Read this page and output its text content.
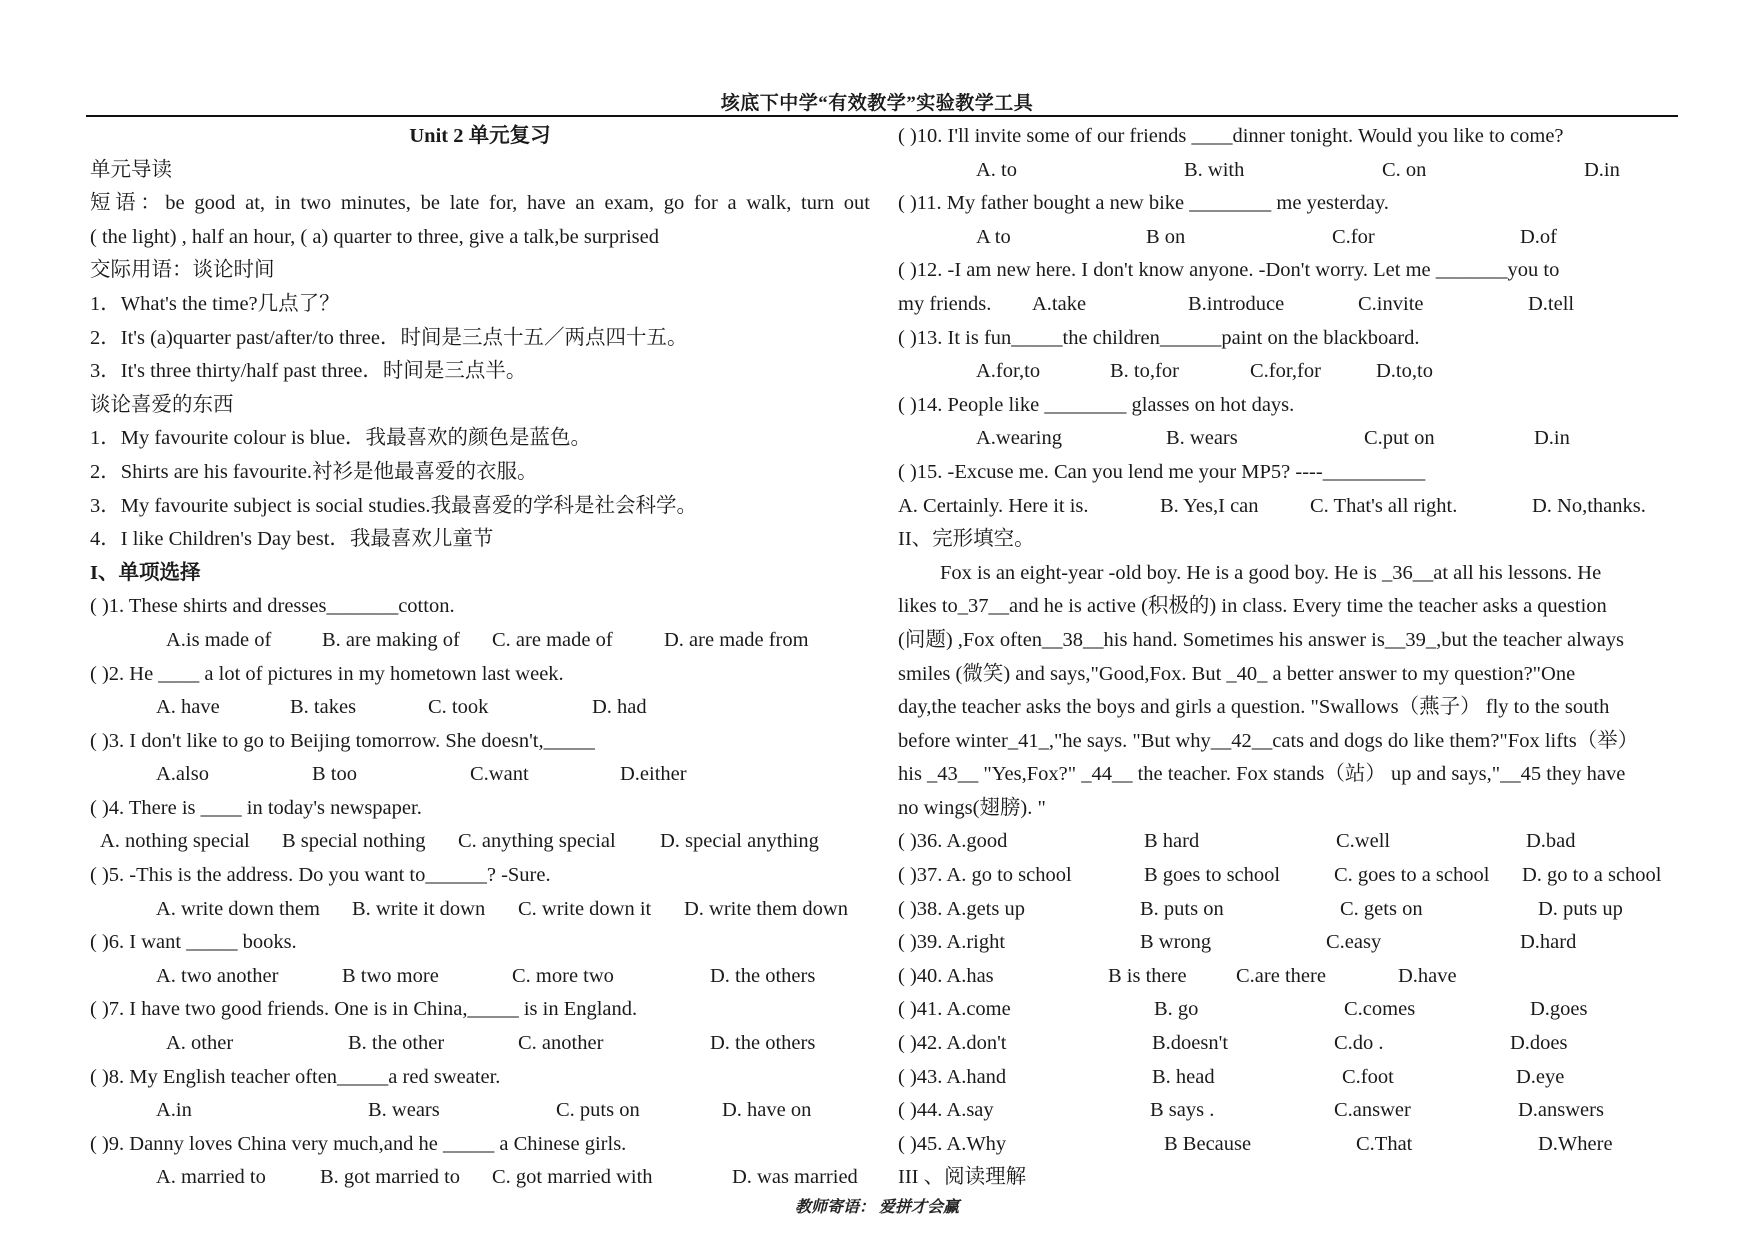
垓底下中学“有效教学”实验教学工具
Unit 2 单元复习
单元导读
短语：be good at, in two minutes, be late for, have an exam, go for a walk, turn out
( the light) , half an hour, ( a) quarter to three, give a talk,be surprised
交际用语：谈论时间
1．What's the time?几点了？
2．It's (a)quarter past/after/to three．时间是三点十五／两点四十五。
3．It's three thirty/half past three．时间是三点半。
谈论喜爱的东西
1．My favourite colour is blue．我最喜欢的颜色是蓝色。
2．Shirts are his favourite.衬衫是他最喜爱的衣服。
3．My favourite subject is social studies.我最喜爱的学科是社会科学。
4．I like Children's Day best．我最喜欢儿童节
I、单项选择
( )1. These shirts and dresses_______cotton.
A.is made of	B. are making of	C. are made of	D. are made from
( )2. He ____ a lot of pictures in my hometown last week.
A. have	B. takes	C. took	D. had
( )3. I don't like to go to Beijing tomorrow. She doesn't,_____
A.also	B too	C.want	D.either
( )4. There is ____ in today's newspaper.
A. nothing special	B special nothing	C. anything special	D. special anything
( )5. -This is the address. Do you want to______? -Sure.
A. write down them	B. write it down	C. write down it	D. write them down
( )6. I want _____ books.
A. two another	B two more	C. more two	D. the others
( )7. I have two good friends. One is in China,_____ is in England.
A. other	B. the other	C. another	D. the others
( )8. My English teacher often_____a red sweater.
A.in	B. wears	C. puts on	D. have on
( )9. Danny loves China very much,and he _____ a Chinese girls.
A. married to	B. got married to	C. got married with	D. was married
( )10. I'll invite some of our friends ____dinner tonight. Would you like to come?
A. to	B. with	C. on	D.in
( )11. My father bought a new bike ________ me yesterday.
A to	B on	C.for	D.of
( )12. -I am new here. I don't know anyone. -Don't worry. Let me _______you to
my friends.	A.take	B.introduce	C.invite	D.tell
( )13. It is fun_____the children______paint on the blackboard.
A.for,to	B. to,for	C.for,for	D.to,to
( )14. People like ________ glasses on hot days.
A.wearing	B. wears	C.put on	D.in
( )15. -Excuse me. Can you lend me your MP5? ----__________
A. Certainly. Here it is.	B. Yes,I can	C. That's all right.	D. No,thanks.
II、完形填空。
Fox is an eight-year -old boy. He is a good boy. He is _36__at all his lessons. He
likes to_37__and he is active (积极的) in class. Every time the teacher asks a question
(问题) ,Fox often__38__his hand. Sometimes his answer is__39_,but the teacher always
smiles (微笑) and says,"Good,Fox. But _40_ a better answer to my question?"One
day,the teacher asks the boys and girls a question. "Swallows（燕子） fly to the south
before winter_41_,"he says. "But why__42__cats and dogs do like them?"Fox lifts（举）
his _43__ "Yes,Fox?" _44__ the teacher. Fox stands（站） up and says,"__45 they have
no wings(翅膀). "
( )36. A.good	B hard	C.well	D.bad
( )37. A. go to school	B goes to school	C. goes to a school	D. go to a school
( )38. A.gets up	B. puts on	C. gets on	D. puts up
( )39. A.right	B wrong	C.easy	D.hard
( )40. A.has	B is there	C.are there	D.have
( )41. A.come	B. go	C.comes	D.goes
( )42. A.don't	B.doesn't	C.do .	D.does
( )43. A.hand	B. head	C.foot	D.eye
( )44. A.say	B says .	C.answer	D.answers
( )45. A.Why	B Because	C.That	D.Where
III 、阅读理解
教师寄语： 爱拼才会赢
